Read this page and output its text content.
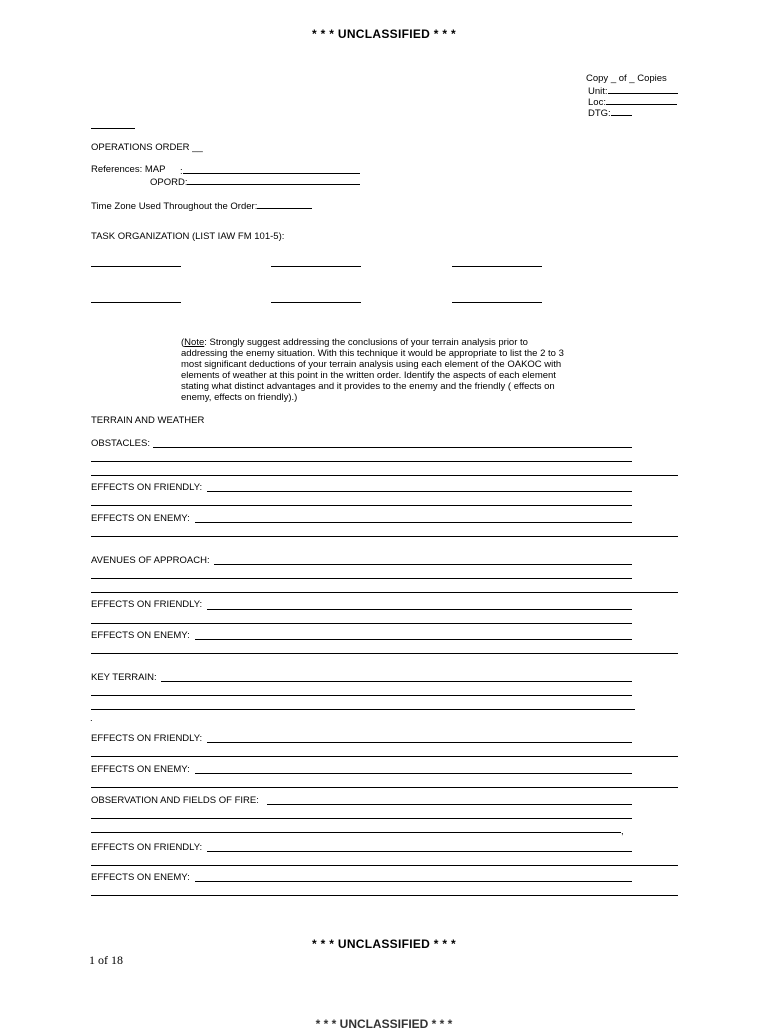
* * * UNCLASSIFIED * * *
Copy _ of _ Copies
Unit:
Loc:
DTG:
OPERATIONS ORDER __
References: MAP :
OPORD:
Time Zone Used Throughout the Order:
TASK ORGANIZATION (LIST IAW FM 101-5):
(Note: Strongly suggest addressing the conclusions of your terrain analysis prior to addressing the enemy situation. With this technique it would be appropriate to list the 2 to 3 most significant deductions of your terrain analysis using each element of the OAKOC with elements of weather at this point in the written order. Identify the aspects of each element stating what distinct advantages and it provides to the enemy and the friendly ( effects on enemy, effects on friendly).)
TERRAIN AND WEATHER
OBSTACLES:
EFFECTS ON FRIENDLY:
EFFECTS ON ENEMY:
AVENUES OF APPROACH:
EFFECTS ON FRIENDLY:
EFFECTS ON ENEMY:
KEY TERRAIN:
.
EFFECTS ON FRIENDLY:
EFFECTS ON ENEMY:
OBSERVATION AND FIELDS OF FIRE:
,
EFFECTS ON FRIENDLY:
EFFECTS ON ENEMY:
* * * UNCLASSIFIED * * *
1 of 18
* * * UNCLASSIFIED * * *
